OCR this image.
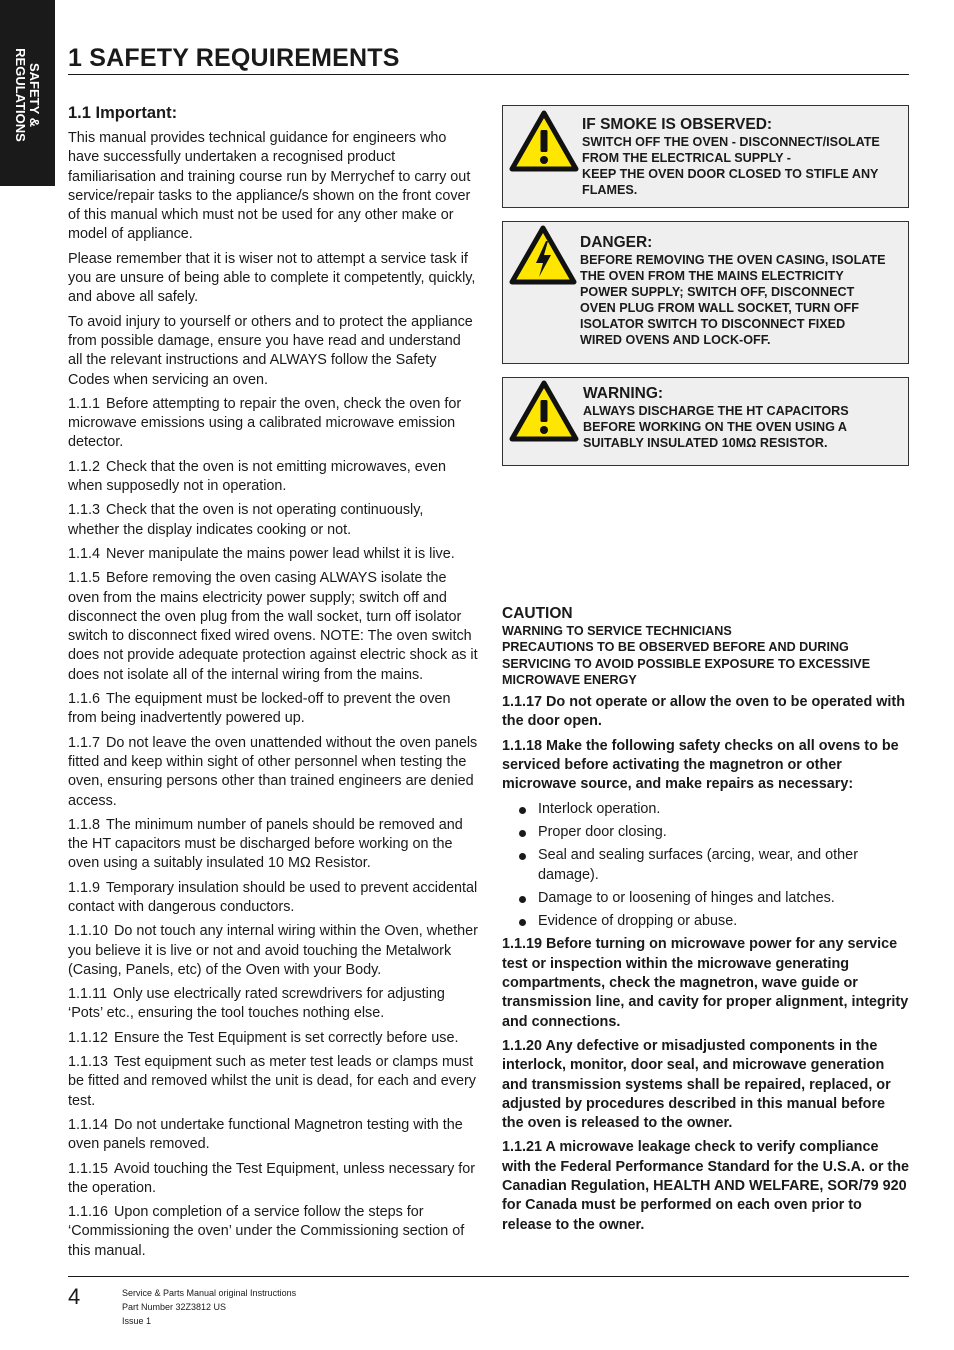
SAFETY &
REGULATIONS 1 SAFETY REQUIREMENTS
1.1 Important:

This manual provides technical guidance for engineers who have successfully undertaken a recognised product familiarisation and training course run by Merrychef to carry out service/repair tasks to the appliance/s shown on the front cover of this manual which must not be used for any other make or model of appliance.

Please remember that it is wiser not to attempt a service task if you are unsure of being able to complete it competently, quickly, and above all safely.

To avoid injury to yourself or others and to protect the appliance from possible damage, ensure you have read and understand all the relevant instructions and ALWAYS follow the Safety Codes when servicing an oven.

1.1.1 Before attempting to repair the oven, check the oven for microwave emissions using a calibrated microwave emission detector.

1.1.2 Check that the oven is not emitting microwaves, even when supposedly not in operation.

1.1.3 Check that the oven is not operating continuously, whether the display indicates cooking or not.

1.1.4 Never manipulate the mains power lead whilst it is live.

1.1.5 Before removing the oven casing ALWAYS isolate the oven from the mains electricity power supply; switch off and disconnect the oven plug from the wall socket, turn off isolator switch to disconnect fixed wired ovens. NOTE: The oven switch does not provide adequate protection against electric shock as it does not isolate all of the internal wiring from the mains.

1.1.6 The equipment must be locked-off to prevent the oven from being inadvertently powered up.

1.1.7 Do not leave the oven unattended without the oven panels fitted and keep within sight of other personnel when testing the oven, ensuring persons other than trained engineers are denied access.

1.1.8 The minimum number of panels should be removed and the HT capacitors must be discharged before working on the oven using a suitably insulated 10 MΩ Resistor.

1.1.9 Temporary insulation should be used to prevent accidental contact with dangerous conductors.

1.1.10 Do not touch any internal wiring within the Oven, whether you believe it is live or not and avoid touching the Metalwork (Casing, Panels, etc) of the Oven with your Body.

1.1.11 Only use electrically rated screwdrivers for adjusting ‘Pots’ etc., ensuring the tool touches nothing else.

1.1.12 Ensure the Test Equipment is set correctly before use.

1.1.13 Test equipment such as meter test leads or clamps must be fitted and removed whilst the unit is dead, for each and every test.

1.1.14 Do not undertake functional Magnetron testing with the oven panels removed.

1.1.15 Avoid touching the Test Equipment, unless necessary for the operation.

1.1.16 Upon completion of a service follow the steps for ‘Commissioning the oven’ under the Commissioning section of this manual.

IF SMOKE IS OBSERVED:
SWITCH OFF THE OVEN - DISCONNECT/ISOLATE
FROM THE ELECTRICAL SUPPLY -
KEEP THE OVEN DOOR CLOSED TO STIFLE ANY
FLAMES.
DANGER:
BEFORE REMOVING THE OVEN CASING, ISOLATE
THE OVEN FROM THE MAINS ELECTRICITY
POWER SUPPLY; SWITCH OFF, DISCONNECT
OVEN PLUG FROM WALL SOCKET, TURN OFF
ISOLATOR SWITCH TO DISCONNECT FIXED
WIRED OVENS AND LOCK-OFF.
WARNING:
ALWAYS DISCHARGE THE HT CAPACITORS
BEFORE WORKING ON THE OVEN USING A
SUITABLY INSULATED 10MΩ RESISTOR.
CAUTION
WARNING TO SERVICE TECHNICIANS
PRECAUTIONS TO BE OBSERVED BEFORE AND DURING SERVICING TO AVOID POSSIBLE EXPOSURE TO EXCESSIVE MICROWAVE ENERGY

1.1.17 Do not operate or allow the oven to be operated with the door open.

1.1.18 Make the following safety checks on all ovens to be serviced before activating the magnetron or other microwave source, and make repairs as necessary:

Interlock operation.
Proper door closing.
Seal and sealing surfaces (arcing, wear, and other damage).
Damage to or loosening of hinges and latches.
Evidence of dropping or abuse.

1.1.19 Before turning on microwave power for any service test or inspection within the microwave generating compartments, check the magnetron, wave guide or transmission line, and cavity for proper alignment, integrity and connections.

1.1.20 Any defective or misadjusted components in the interlock, monitor, door seal, and microwave generation and transmission systems shall be repaired, replaced, or adjusted by procedures described in this manual before the oven is released to the owner.

1.1.21 A microwave leakage check to verify compliance with the Federal Performance Standard for the U.S.A. or the Canadian Regulation, HEALTH AND WELFARE, SOR/79 920 for Canada must be performed on each oven prior to release to the owner.

4	Service & Parts Manual original Instructions
Part Number 32Z3812 US
Issue 1
